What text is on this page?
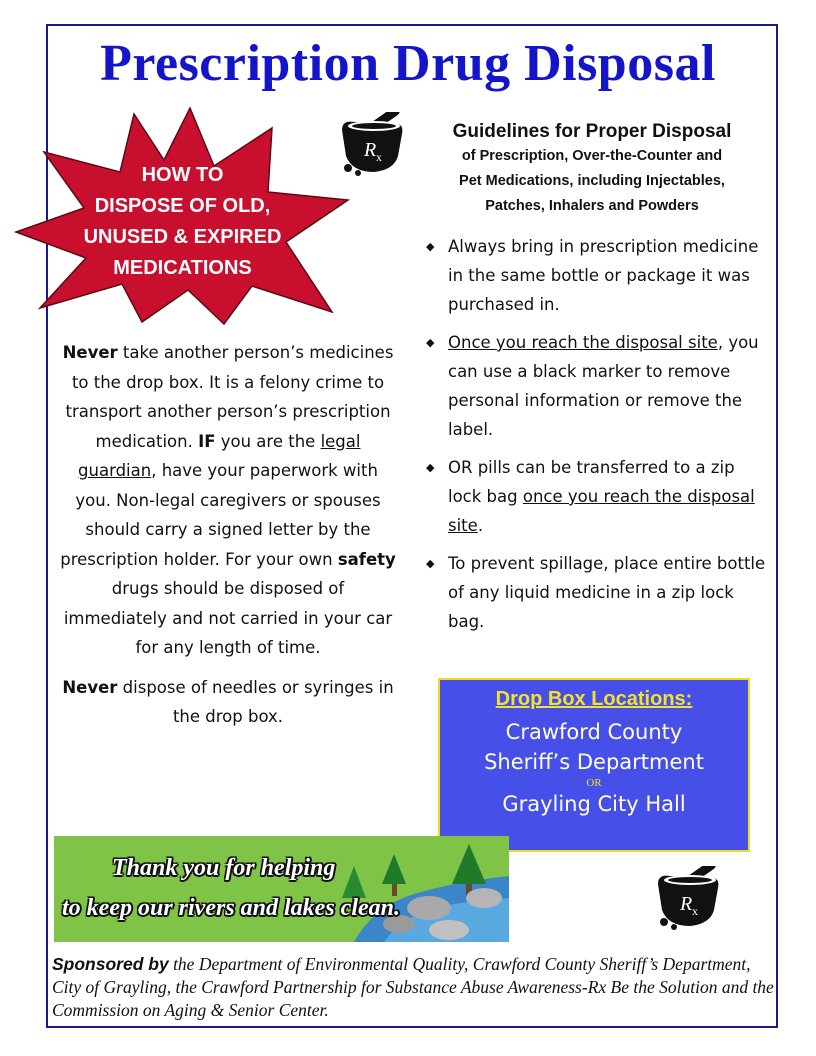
Prescription Drug Disposal
HOW TO
DISPOSE OF OLD,
UNUSED & EXPIRED
MEDICATIONS
R x
Guidelines for Proper Disposal
of Prescription, Over-the-Counter and
Pet Medications, including Injectables,
Patches, Inhalers and Powders
◆ Always bring in prescription medicine in the same bottle or package it was purchased in.
◆ Once you reach the disposal site, you can use a black marker to remove personal information or remove the label.
◆ OR pills can be transferred to a zip lock bag once you reach the disposal site.
◆ To prevent spillage, place entire bottle of any liquid medicine in a zip lock bag.

Never take another person’s medicines to the drop box. It is a felony crime to transport another person’s prescription medication. IF you are the legal guardian, have your paperwork with you. Non-legal caregivers or spouses should carry a signed letter by the prescription holder. For your own safety drugs should be disposed of immediately and not carried in your car for any length of time.

Never dispose of needles or syringes in the drop box.

Drop Box Locations:
Crawford County
Sheriff’s Department
OR
Grayling City Hall
R x
Thank you for helping
to keep our rivers and lakes clean.
Sponsored by the Department of Environmental Quality, Crawford County Sheriff’s Department, City of Grayling, the Crawford Partnership for Substance Abuse Awareness-Rx Be the Solution and the Commission on Aging & Senior Center.
